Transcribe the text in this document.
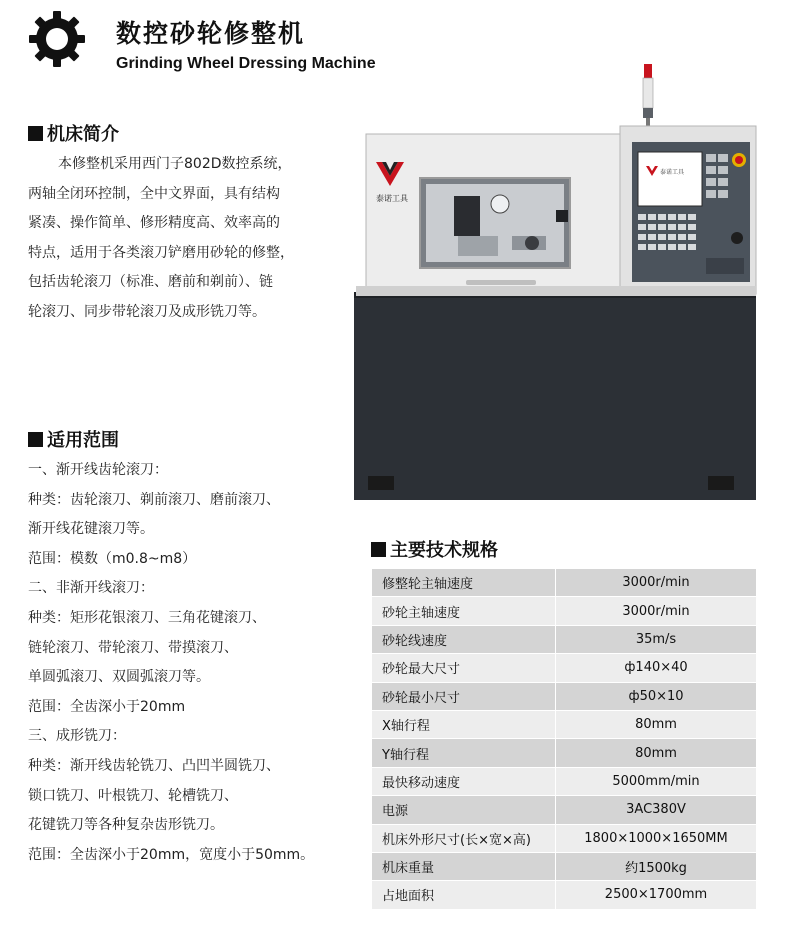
数控砂轮修整机
Grinding Wheel Dressing Machine
机床简介
本修整机采用西门子802D数控系统，
两轴全闭环控制，全中文界面，具有结构
紧凑、操作简单、修形精度高、效率高的
特点，适用于各类滚刀铲磨用砂轮的修整，
包括齿轮滚刀（标准、磨前和剃前）、链
轮滚刀、同步带轮滚刀及成形铣刀等。
适用范围
一、渐开线齿轮滚刀：
种类：齿轮滚刀、剃前滚刀、磨前滚刀、
渐开线花键滚刀等。
范围：模数（m0.8~m8）
二、非渐开线滚刀：
种类：矩形花银滚刀、三角花键滚刀、
链轮滚刀、带轮滚刀、带摸滚刀、
单圆弧滚刀、双圆弧滚刀等。
范围：全齿深小于20mm
三、成形铣刀：
种类：渐开线齿轮铣刀、凸凹半圆铣刀、
锁口铣刀、叶根铣刀、轮槽铣刀、
花键铣刀等各种复杂齿形铣刀。
范围：全齿深小于20mm，宽度小于50mm。
泰诺工具
泰诺工具
主要技术规格
修整轮主轴速度	3000r/min
砂轮主轴速度	3000r/min
砂轮线速度	35m/s
砂轮最大尺寸	ф140×40
砂轮最小尺寸	ф50×10
X轴行程	80mm
Y轴行程	80mm
最快移动速度	5000mm/min
电源	3AC380V
机床外形尺寸(长×宽×高)	1800×1000×1650MM
机床重量	约1500kg
占地面积	2500×1700mm
